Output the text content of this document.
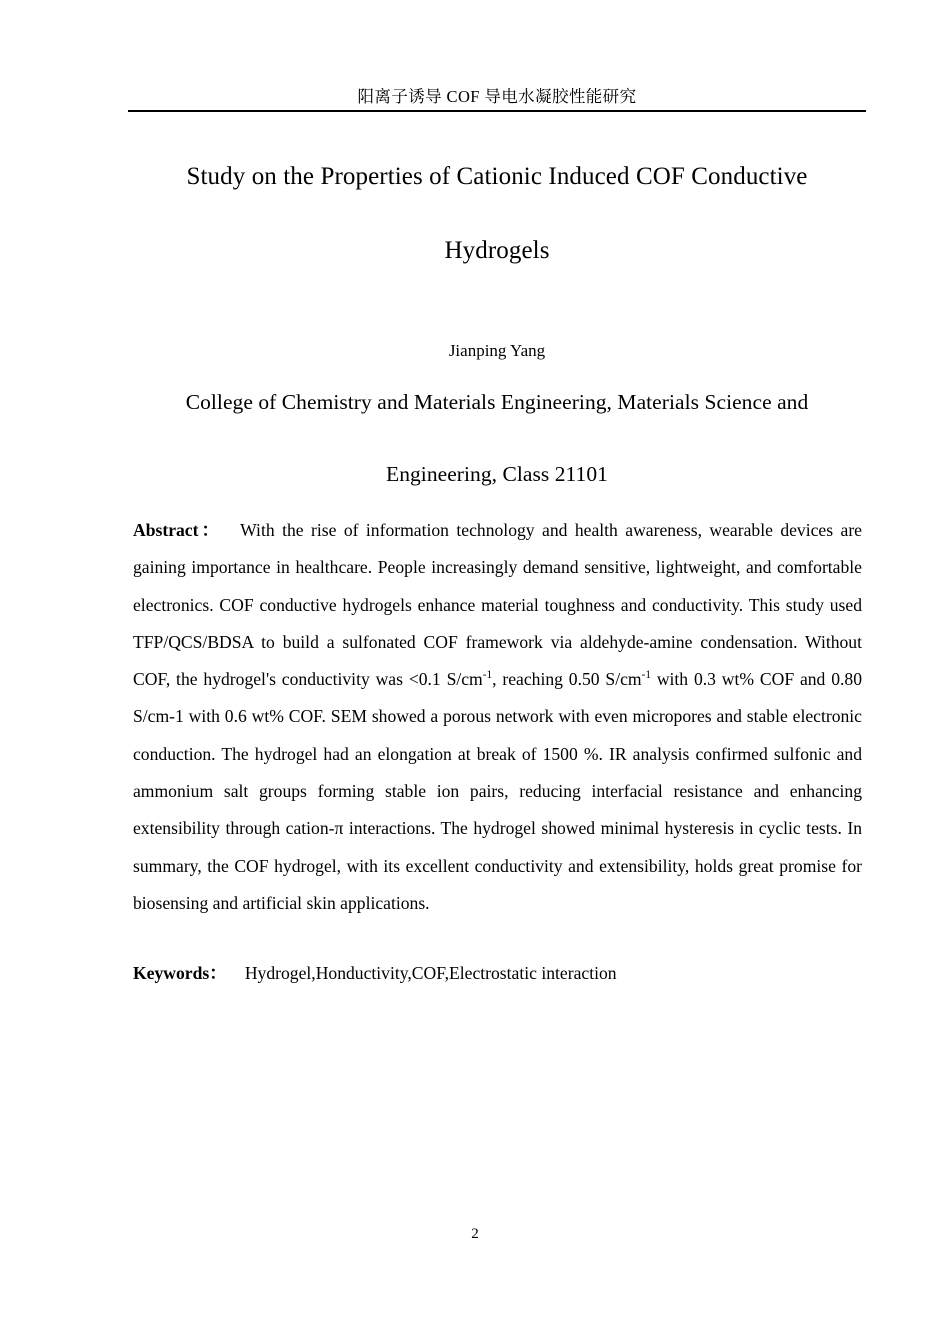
阳离子诱导 COF 导电水凝胶性能研究
Study on the Properties of Cationic Induced COF Conductive
Hydrogels
Jianping Yang
College of Chemistry and Materials Engineering, Materials Science and
Engineering, Class 21101

Abstract： With the rise of information technology and health awareness, wearable devices are gaining importance in healthcare. People increasingly demand sensitive, lightweight, and comfortable electronics. COF conductive hydrogels enhance material toughness and conductivity. This study used TFP/QCS/BDSA to build a sulfonated COF framework via aldehyde-amine condensation. Without COF, the hydrogel's conductivity was <0.1 $S/cm^{-1}$, reaching 0.50 $S/cm^{-1}$ with 0.3 wt% COF and 0.80 S/cm-1 with 0.6 wt% COF. SEM showed a porous network with even micropores and stable electronic conduction. The hydrogel had an elongation at break of 1500 %. IR analysis confirmed sulfonic and ammonium salt groups forming stable ion pairs, reducing interfacial resistance and enhancing extensibility through cation-π interactions. The hydrogel showed minimal hysteresis in cyclic tests. In summary, the COF hydrogel, with its excellent conductivity and extensibility, holds great promise for biosensing and artificial skin applications.

Keywords： Hydrogel,Honductivity,COF,Electrostatic interaction
2
